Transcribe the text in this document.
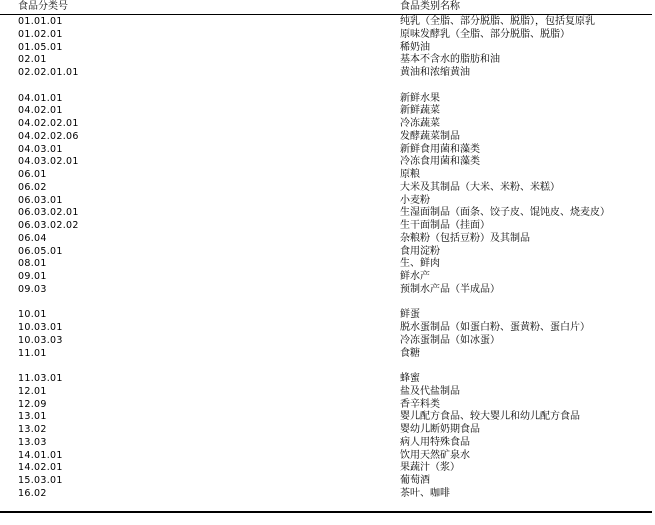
食品分类号	食品类别名称
01.01.01	纯乳（全脂、部分脱脂、脱脂），包括复原乳
01.02.01	原味发酵乳（全脂、部分脱脂、脱脂）
01.05.01	稀奶油
02.01	基本不含水的脂肪和油
02.02.01.01	黄油和浓缩黄油
04.01.01	新鲜水果
04.02.01	新鲜蔬菜
04.02.02.01	冷冻蔬菜
04.02.02.06	发酵蔬菜制品
04.03.01	新鲜食用菌和藻类
04.03.02.01	冷冻食用菌和藻类
06.01	原粮
06.02	大米及其制品（大米、米粉、米糕）
06.03.01	小麦粉
06.03.02.01	生湿面制品（面条、饺子皮、馄饨皮、烧麦皮）
06.03.02.02	生干面制品（挂面）
06.04	杂粮粉（包括豆粉）及其制品
06.05.01	食用淀粉
08.01	生、鲜肉
09.01	鲜水产
09.03	预制水产品（半成品）
10.01	鲜蛋
10.03.01	脱水蛋制品（如蛋白粉、蛋黄粉、蛋白片）
10.03.03	冷冻蛋制品（如冰蛋）
11.01	食糖
11.03.01	蜂蜜
12.01	盐及代盐制品
12.09	香辛料类
13.01	婴儿配方食品、较大婴儿和幼儿配方食品
13.02	婴幼儿断奶期食品
13.03	病人用特殊食品
14.01.01	饮用天然矿泉水
14.02.01	果蔬汁（浆）
15.03.01	葡萄酒
16.02	茶叶、咖啡
